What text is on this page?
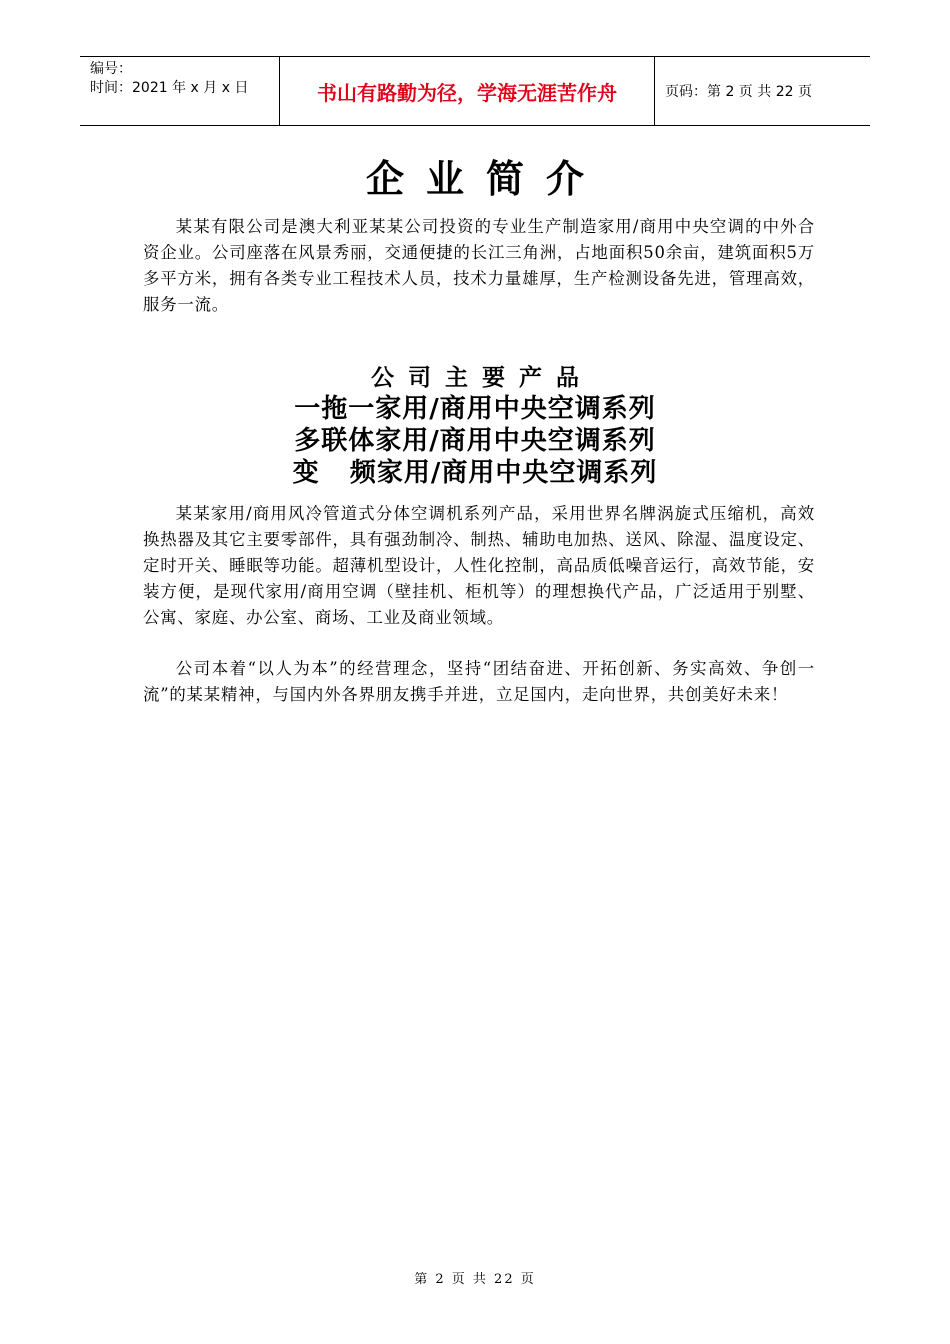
编号：
时间：2021 年 x 月 x 日	书山有路勤为径，学海无涯苦作舟	页码：第 2 页 共 22 页
企业简介

某某有限公司是澳大利亚某某公司投资的专业生产制造家用/商用中央空调的中外合资企业。公司座落在风景秀丽，交通便捷的长江三角洲，占地面积50余亩，建筑面积5万多平方米，拥有各类专业工程技术人员，技术力量雄厚，生产检测设备先进，管理高效，服务一流。

公司主要产品
一拖一家用/商用中央空调系列
多联体家用/商用中央空调系列
变   频家用/商用中央空调系列

某某家用/商用风冷管道式分体空调机系列产品，采用世界名牌涡旋式压缩机，高效换热器及其它主要零部件，具有强劲制冷、制热、辅助电加热、送风、除湿、温度设定、定时开关、睡眠等功能。超薄机型设计，人性化控制，高品质低噪音运行，高效节能，安装方便，是现代家用/商用空调（壁挂机、柜机等）的理想换代产品，广泛适用于别墅、公寓、家庭、办公室、商场、工业及商业领域。

公司本着“以人为本”的经营理念，坚持“团结奋进、开拓创新、务实高效、争创一流”的某某精神，与国内外各界朋友携手并进，立足国内，走向世界，共创美好未来！

第 2 页 共 22 页
